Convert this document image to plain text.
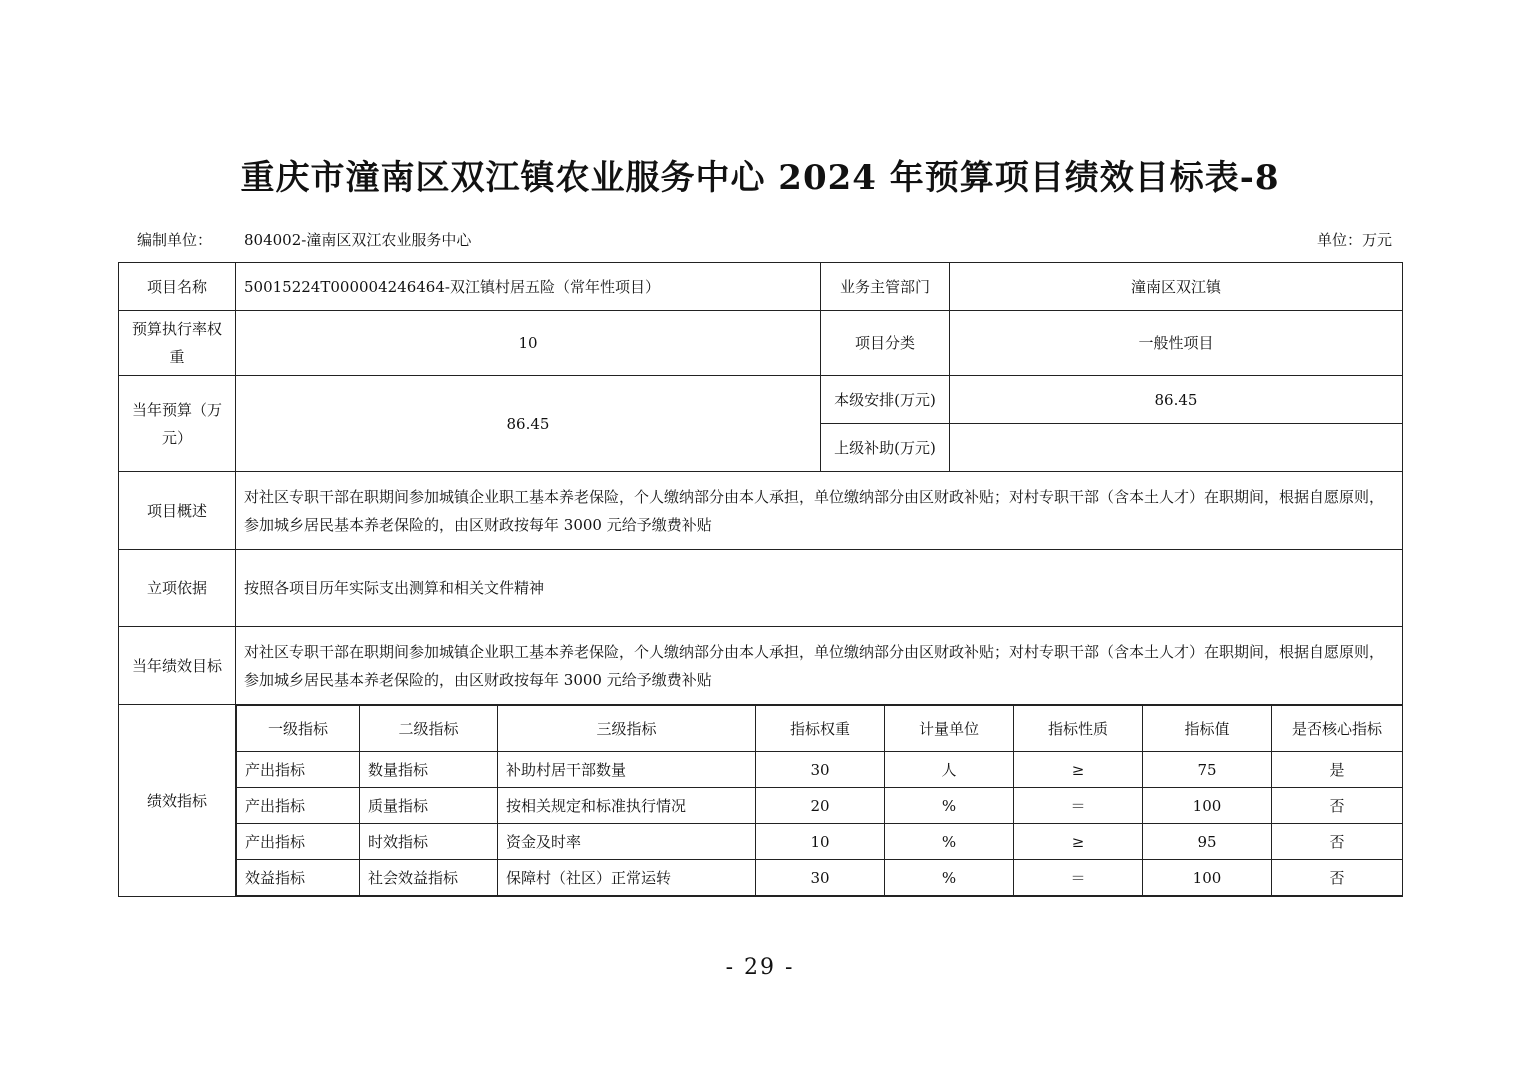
重庆市潼南区双江镇农业服务中心 2024 年预算项目绩效目标表-8
编制单位： 804002-潼南区双江农业服务中心	单位：万元
项目名称	50015224T000004246464-双江镇村居五险（常年性项目）	业务主管部门	潼南区双江镇
预算执行率权重	10	项目分类	一般性项目
当年预算（万元）	86.45	本级安排(万元)	86.45
上级补助(万元)	
项目概述	对社区专职干部在职期间参加城镇企业职工基本养老保险，个人缴纳部分由本人承担，单位缴纳部分由区财政补贴；对村专职干部（含本土人才）在职期间，根据自愿原则，参加城乡居民基本养老保险的，由区财政按每年 3000 元给予缴费补贴
立项依据	按照各项目历年实际支出测算和相关文件精神
当年绩效目标	对社区专职干部在职期间参加城镇企业职工基本养老保险，个人缴纳部分由本人承担，单位缴纳部分由区财政补贴；对村专职干部（含本土人才）在职期间，根据自愿原则，参加城乡居民基本养老保险的，由区财政按每年 3000 元给予缴费补贴
绩效指标	
一级指标	二级指标	三级指标	指标权重	计量单位	指标性质	指标值	是否核心指标
产出指标	数量指标	补助村居干部数量	30	人	≥	75	是
产出指标	质量指标	按相关规定和标准执行情况	20	%	＝	100	否
产出指标	时效指标	资金及时率	10	%	≥	95	否
效益指标	社会效益指标	保障村（社区）正常运转	30	%	＝	100	否
- 29 -
